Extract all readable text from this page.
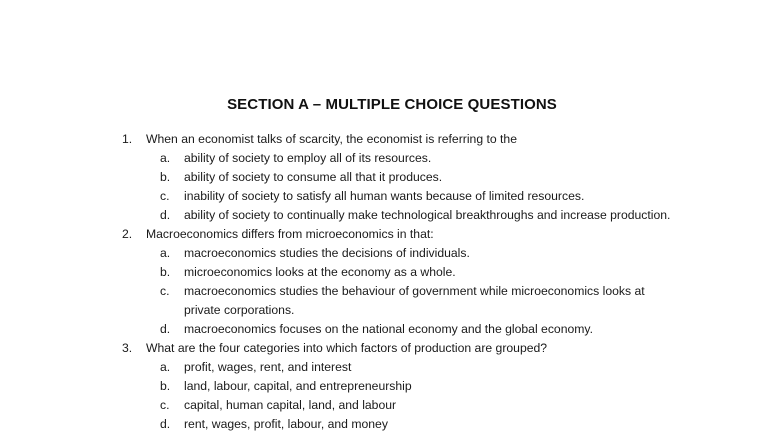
SECTION A – MULTIPLE CHOICE QUESTIONS
1.	When an economist talks of scarcity, the economist is referring to the
a. ability of society to employ all of its resources.
b. ability of society to consume all that it produces.
c. inability of society to satisfy all human wants because of limited resources.
d. ability of society to continually make technological breakthroughs and increase production.
2.	Macroeconomics differs from microeconomics in that:
a. macroeconomics studies the decisions of individuals.
b. microeconomics looks at the economy as a whole.
c. macroeconomics studies the behaviour of government while microeconomics looks at private corporations.
d. macroeconomics focuses on the national economy and the global economy.
3.	What are the four categories into which factors of production are grouped?
a. profit, wages, rent, and interest
b. land, labour, capital, and entrepreneurship
c. capital, human capital, land, and labour
d. rent, wages, profit, labour, and money
